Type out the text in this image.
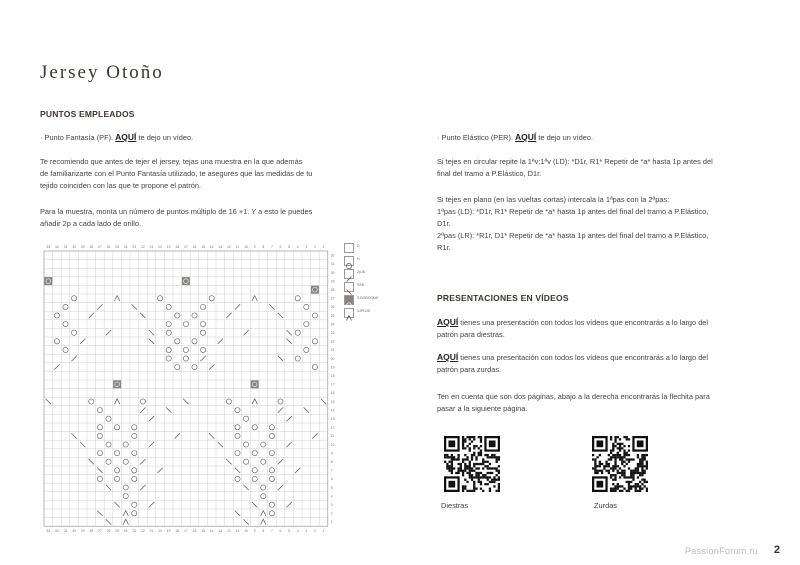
Jersey Otoño
PUNTOS EMPLEADOS
· Punto Fantasía (PF). AQUÍ te dejo un vídeo.
Te recomiendo que antes de tejer el jersey, tejas una muestra en la que además
de familiarizarte con el Punto Fantasía utilizado, te asegures que las medidas de tu
tejido coinciden con las que te propone el patrón.
Para la muestra, monta un número de puntos múltiplo de 16 +1. Y a esto le puedes
añadir 2p a cada lado de orillo.
33 32 31 30 29 28 27 26 25 24 23 22 21 20 19 18 17 16 15 14 13 12 11 10 9 8 7 6 5 4 3 2 1
33 32 31 30 29 28 27 26 25 24 23 22 21 20 19 18 17 16 15 14 13 12 11 10 9 8 7 6 5 4 3 2 1
32
31
30
29
28
27
26
25
24
23
22
21
20
19
18
17
16
15
14
13
12
11
10
9
8
7
6
5
4
3
2
1
D
H
2pJD
SSK
5-BOBOQUE
3JPDJD
· Punto Elástico (PER). AQUÍ te dejo un vídeo.
Si tejes en circular repite la 1ªv:1ªv (LD): *D1r, R1* Repetir de *a* hasta 1p antes del
final del tramo a P.Elástico, D1r.
Si tejes en plano (en las vueltas cortas) intercala la 1ªpas con la 2ªpas:
1ªpas (LD): *D1r, R1* Repetir de *a* hasta 1p antes del final del tramo a P.Elástico,
D1r.
2ªpas (LR): *R1r, D1* Repetir de *a* hasta 1p antes del final del tramo a P.Elástico,
R1r.
PRESENTACIONES EN VÍDEOS
AQUÍ tienes una presentación con todos los vídeos que encontrarás a lo largo del
patrón para diestras.
AQUÍ tienes una presentación con todos los vídeos que encontrarás a lo largo del
patrón para zurdas.
Ten en cuenta que son dos páginas, abajo a la derecha encontrarás la flechita para
pasar a la siguiente página.
Diestras	Zurdas
PassionForum.ru 2
